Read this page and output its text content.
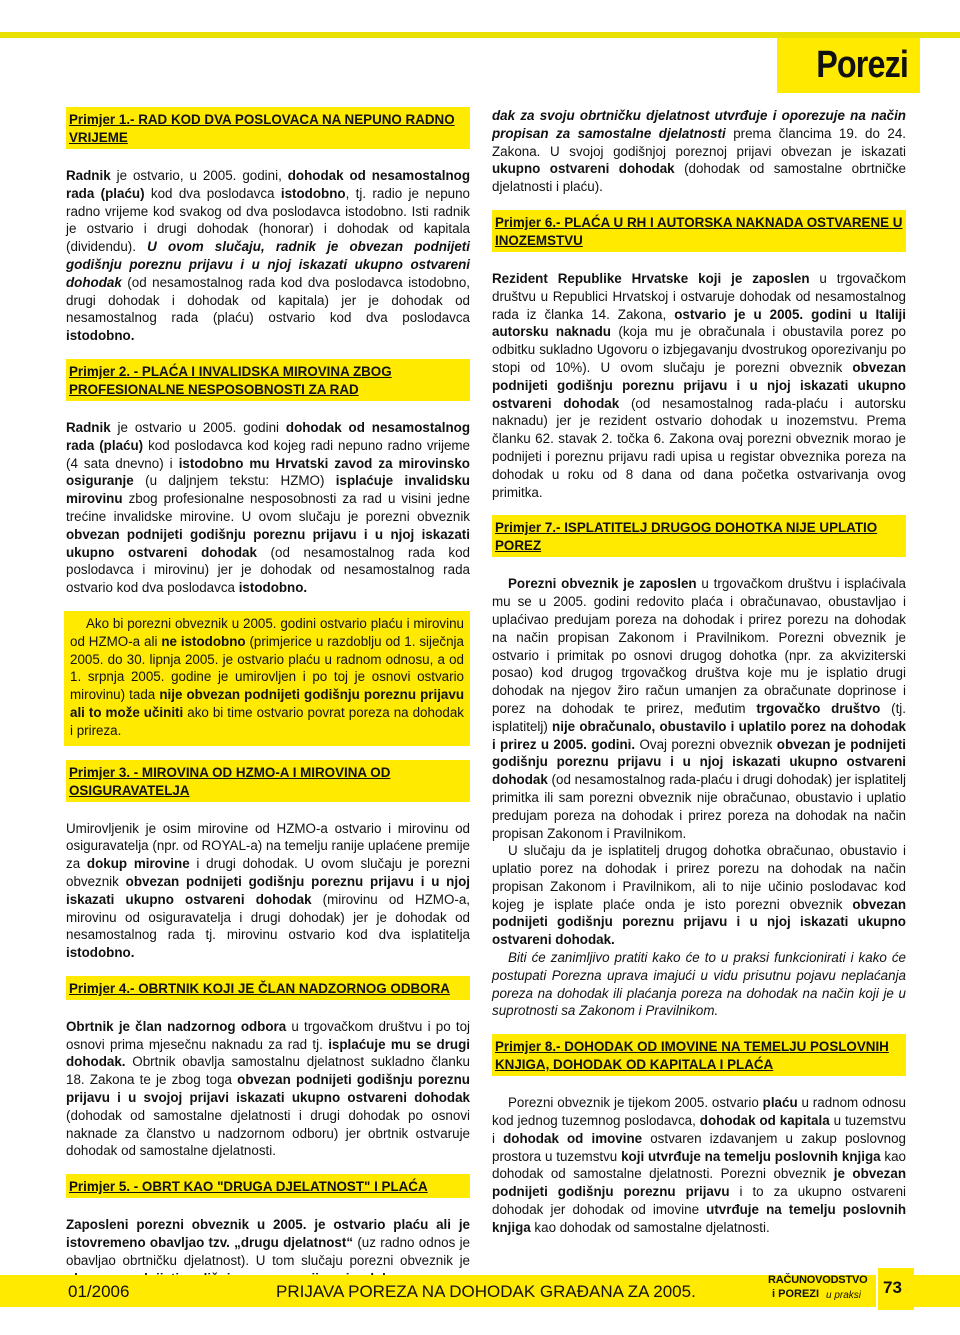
Porezi
Primjer 1.- RAD KOD DVA POSLOVACA NA NEPUNO RADNO VRIJEME

Radnik je ostvario, u 2005. godini, dohodak od nesamostalnog rada (plaću) kod dva poslodavca istodobno, tj. radio je nepuno radno vrijeme kod svakog od dva poslodavca istodobno. Isti radnik je ostvario i drugi dohodak (honorar) i dohodak od kapitala (dividendu). U ovom slučaju, radnik je obvezan podnijeti godišnju poreznu prijavu i u njoj iskazati ukupno ostvareni dohodak (od nesamostalnog rada kod dva poslodavca istodobno, drugi dohodak i dohodak od kapitala) jer je dohodak od nesamostalnog rada (plaću) ostvario kod dva poslodavca istodobno.

Primjer 2. - PLAĆA I INVALIDSKA MIROVINA ZBOG PROFESIONALNE NESPOSOBNOSTI ZA RAD

Radnik je ostvario u 2005. godini dohodak od nesamostalnog rada (plaću) kod poslodavca kod kojeg radi nepuno radno vrijeme (4 sata dnevno) i istodobno mu Hrvatski zavod za mirovinsko osiguranje (u daljnjem tekstu: HZMO) isplaćuje invalidsku mirovinu zbog profesionalne nesposobnosti za rad u visini jedne trećine invalidske mirovine. U ovom slučaju je porezni obveznik obvezan podnijeti godišnju poreznu prijavu i u njoj iskazati ukupno ostvareni dohodak (od nesamostalnog rada kod poslodavca i mirovinu) jer je dohodak od nesamostalnog rada ostvario kod dva poslodavca istodobno.

Ako bi porezni obveznik u 2005. godini ostvario plaću i mirovinu od HZMO-a ali ne istodobno (primjerice u razdoblju od 1. siječnja 2005. do 30. lipnja 2005. je ostvario plaću u radnom odnosu, a od 1. srpnja 2005. godine je umirovljen i po toj je osnovi ostvario mirovinu) tada nije obvezan podnijeti godišnju poreznu prijavu ali to može učiniti ako bi time ostvario povrat poreza na dohodak i prireza.

Primjer 3. - MIROVINA OD HZMO-A I MIROVINA OD OSIGURAVATELJA

Umirovljenik je osim mirovine od HZMO-a ostvario i mirovinu od osiguravatelja (npr. od ROYAL-a) na temelju ranije uplaćene premije za dokup mirovine i drugi dohodak. U ovom slučaju je porezni obveznik obvezan podnijeti godišnju poreznu prijavu i u njoj iskazati ukupno ostvareni dohodak (mirovinu od HZMO-a, mirovinu od osiguravatelja i drugi dohodak) jer je dohodak od nesamostalnog rada tj. mirovinu ostvario kod dva isplatitelja istodobno.

Primjer 4.- OBRTNIK KOJI JE ČLAN NADZORNOG ODBORA

Obrtnik je član nadzornog odbora u trgovačkom društvu i po toj osnovi prima mjesečnu naknadu za rad tj. isplaćuje mu se drugi dohodak. Obrtnik obavlja samostalnu djelatnost sukladno članku 18. Zakona te je zbog toga obvezan podnijeti godišnju poreznu prijavu i u svojoj prijavi iskazati ukupno ostvareni dohodak (dohodak od samostalne djelatnosti i drugi dohodak po osnovi naknade za članstvo u nadzornom odboru) jer obrtnik ostvaruje dohodak od samostalne djelatnosti.

Primjer 5. - OBRT KAO "DRUGA DJELATNOST" I PLAĆA

Zaposleni porezni obveznik u 2005. je ostvario plaću ali je istovremeno obavljao tzv. „drugu djelatnost“ (uz radno odnos je obavljao obrtničku djelatnost). U tom slučaju porezni obveznik je

dak za svoju obrtničku djelatnost utvrđuje i oporezuje na način propisan za samostalne djelatnosti prema člancima 19. do 24. Zakona. U svojoj godišnjoj poreznoj prijavi obvezan je iskazati ukupno ostvareni dohodak (dohodak od samostalne obrtničke djelatnosti i plaću).

Primjer 6.- PLAĆA U RH I AUTORSKA NAKNADA OSTVARENE U INOZEMSTVU

Rezident Republike Hrvatske koji je zaposlen u trgovačkom društvu u Republici Hrvatskoj i ostvaruje dohodak od nesamostalnog rada iz članka 14. Zakona, ostvario je u 2005. godini u Italiji autorsku naknadu (koja mu je obračunala i obustavila porez po odbitku sukladno Ugovoru o izbjegavanju dvostrukog oporezivanju po stopi od 10%). U ovom slučaju je porezni obveznik obvezan podnijeti godišnju poreznu prijavu i u njoj iskazati ukupno ostvareni dohodak (od nesamostalnog rada-plaću i autorsku naknadu) jer je rezident ostvario dohodak u inozemstvu. Prema članku 62. stavak 2. točka 6. Zakona ovaj porezni obveznik morao je podnijeti i poreznu prijavu radi upisa u registar obveznika poreza na dohodak u roku od 8 dana od dana početka ostvarivanja ovog primitka.

Primjer 7.- ISPLATITELJ DRUGOG DOHOTKA NIJE UPLATIO POREZ

Porezni obveznik je zaposlen u trgovačkom društvu i isplaćivala mu se u 2005. godini redovito plaća i obračunavao, obustavljao i uplaćivao predujam poreza na dohodak i prirez porezu na dohodak na način propisan Zakonom i Pravilnikom. Porezni obveznik je ostvario i primitak po osnovi drugog dohotka (npr. za akviziterski posao) kod drugog trgovačkog društva koje mu je isplatio drugi dohodak na njegov žiro račun umanjen za obračunate doprinose i porez na dohodak te prirez, međutim trgovačko društvo (tj. isplatitelj) nije obračunalo, obustavilo i uplatilo porez na dohodak i prirez u 2005. godini. Ovaj porezni obveznik obvezan je podnijeti godišnju poreznu prijavu i u njoj iskazati ukupno ostvareni dohodak (od nesamostalnog rada-plaću i drugi dohodak) jer isplatitelj primitka ili sam porezni obveznik nije obračunao, obustavio i uplatio predujam poreza na dohodak i prirez poreza na dohodak na način propisan Zakonom i Pravilnikom.

U slučaju da je isplatitelj drugog dohotka obračunao, obustavio i uplatio porez na dohodak i prirez porezu na dohodak na način propisan Zakonom i Pravilnikom, ali to nije učinio poslodavac kod kojeg je isplate plaće onda je isto porezni obveznik obvezan podnijeti godišnju poreznu prijavu i u njoj iskazati ukupno ostvareni dohodak.

Biti će zanimljivo pratiti kako će to u praksi funkcionirati i kako će postupati Porezna uprava imajući u vidu prisutnu pojavu neplaćanja poreza na dohodak ili plaćanja poreza na dohodak na način koji je u suprotnosti sa Zakonom i Pravilnikom.

Primjer 8.- DOHODAK OD IMOVINE NA TEMELJU POSLOVNIH KNJIGA, DOHODAK OD KAPITALA I PLAĆA

Porezni obveznik je tijekom 2005. ostvario plaću u radnom odnosu kod jednog tuzemnog poslodavca, dohodak od kapitala u tuzemstvu i dohodak od imovine ostvaren izdavanjem u zakup poslovnog prostora u tuzemstvu koji utvrđuje na temelju poslovnih knjiga kao dohodak od samostalne djelatnosti. Porezni obveznik je obvezan podnijeti godišnju poreznu prijavu i to za ukupno ostvareni dohodak jer dohodak od imovine utvrđuje na temelju poslovnih knjiga kao dohodak od samostalne djelatnosti.

01/2006	PRIJAVA POREZA NA DOHODAK GRAĐANA ZA 2005.
RAČUNOVODSTVO
i POREZI u praksi 73
